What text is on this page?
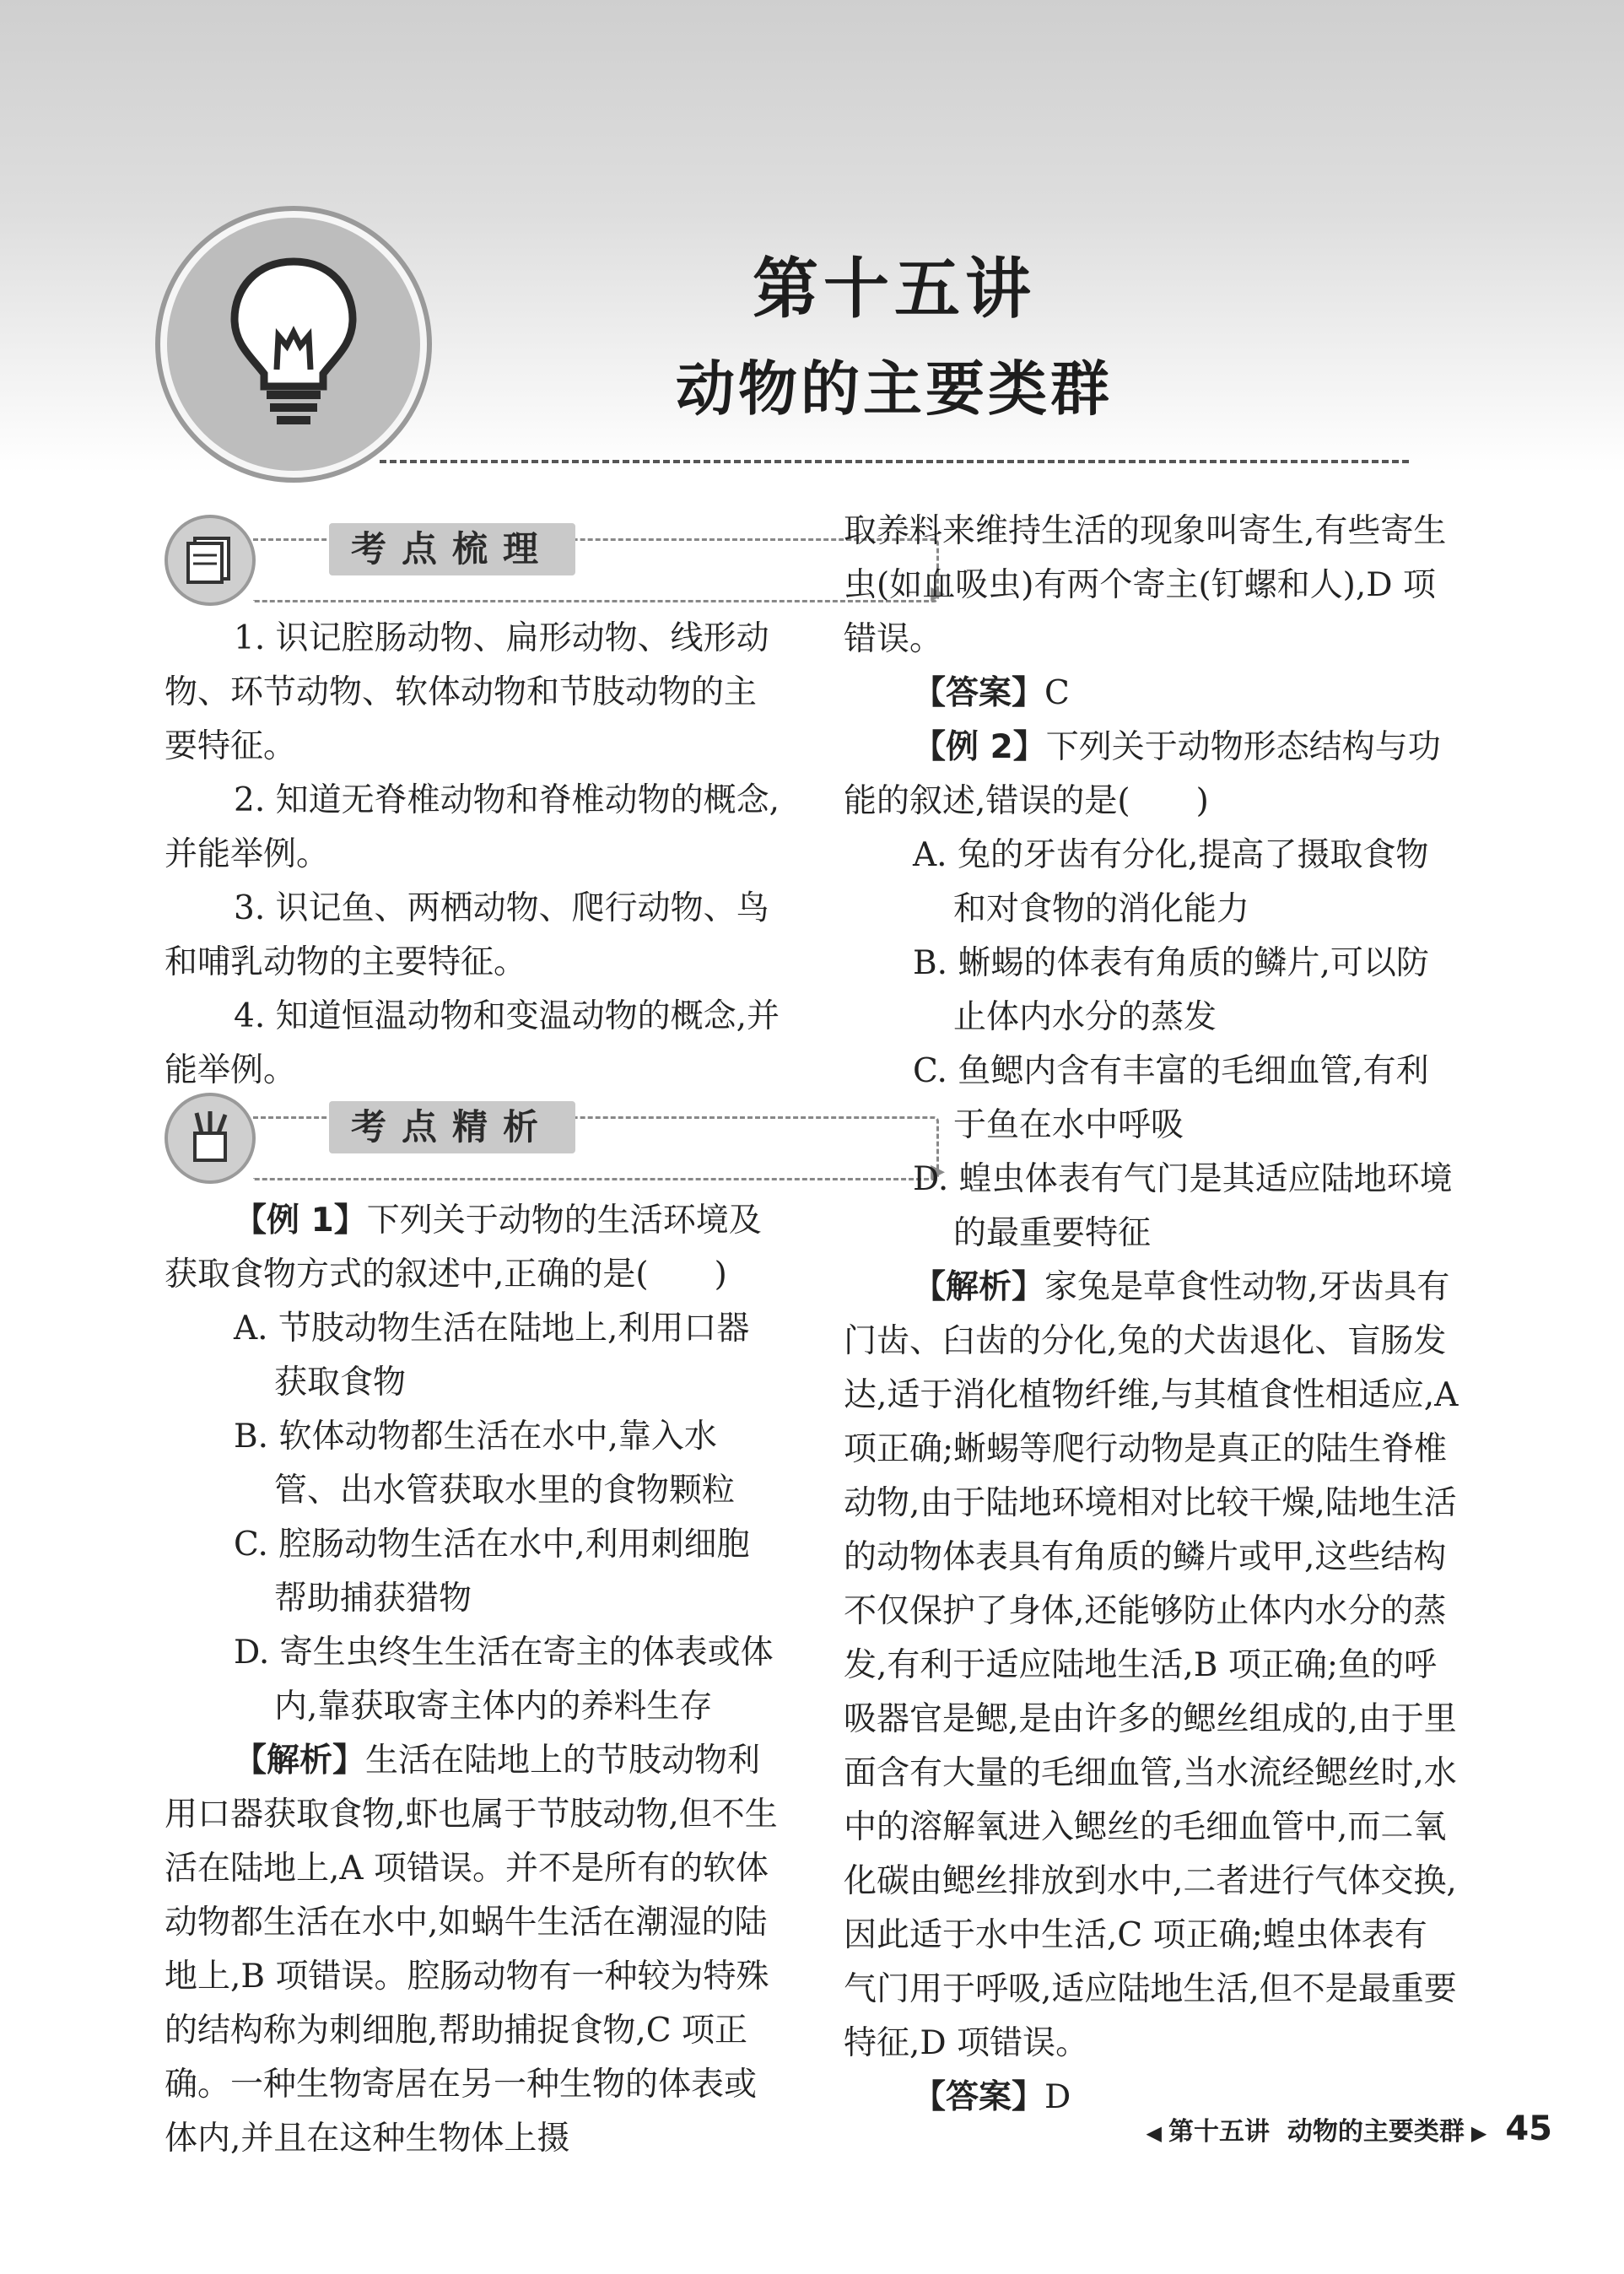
第十五讲
动物的主要类群
▶
考点梳理

1. 识记腔肠动物、扁形动物、线形动物、环节动物、软体动物和节肢动物的主要特征。

2. 知道无脊椎动物和脊椎动物的概念,并能举例。

3. 识记鱼、两栖动物、爬行动物、鸟和哺乳动物的主要特征。

4. 知道恒温动物和变温动物的概念,并能举例。

▶
考点精析

【例 1】下列关于动物的生活环境及获取食物方式的叙述中,正确的是(　　)

A. 节肢动物生活在陆地上,利用口器获取食物

B. 软体动物都生活在水中,靠入水管、出水管获取水里的食物颗粒

C. 腔肠动物生活在水中,利用刺细胞帮助捕获猎物

D. 寄生虫终生生活在寄主的体表或体内,靠获取寄主体内的养料生存

【解析】生活在陆地上的节肢动物利用口器获取食物,虾也属于节肢动物,但不生活在陆地上,A 项错误。并不是所有的软体动物都生活在水中,如蜗牛生活在潮湿的陆地上,B 项错误。腔肠动物有一种较为特殊的结构称为刺细胞,帮助捕捉食物,C 项正确。一种生物寄居在另一种生物的体表或体内,并且在这种生物体上摄

取养料来维持生活的现象叫寄生,有些寄生虫(如血吸虫)有两个寄主(钉螺和人),D 项错误。

【答案】C

【例 2】下列关于动物形态结构与功能的叙述,错误的是(　　)

A. 兔的牙齿有分化,提高了摄取食物和对食物的消化能力

B. 蜥蜴的体表有角质的鳞片,可以防止体内水分的蒸发

C. 鱼鳃内含有丰富的毛细血管,有利于鱼在水中呼吸

D. 蝗虫体表有气门是其适应陆地环境的最重要特征

【解析】家兔是草食性动物,牙齿具有门齿、臼齿的分化,兔的犬齿退化、盲肠发达,适于消化植物纤维,与其植食性相适应,A 项正确;蜥蜴等爬行动物是真正的陆生脊椎动物,由于陆地环境相对比较干燥,陆地生活的动物体表具有角质的鳞片或甲,这些结构不仅保护了身体,还能够防止体内水分的蒸发,有利于适应陆地生活,B 项正确;鱼的呼吸器官是鳃,是由许多的鳃丝组成的,由于里面含有大量的毛细血管,当水流经鳃丝时,水中的溶解氧进入鳃丝的毛细血管中,而二氧化碳由鳃丝排放到水中,二者进行气体交换,因此适于水中生活,C 项正确;蝗虫体表有气门用于呼吸,适应陆地生活,但不是最重要特征,D 项错误。

【答案】D

◀ 第十五讲 动物的主要类群 ▶ 45
